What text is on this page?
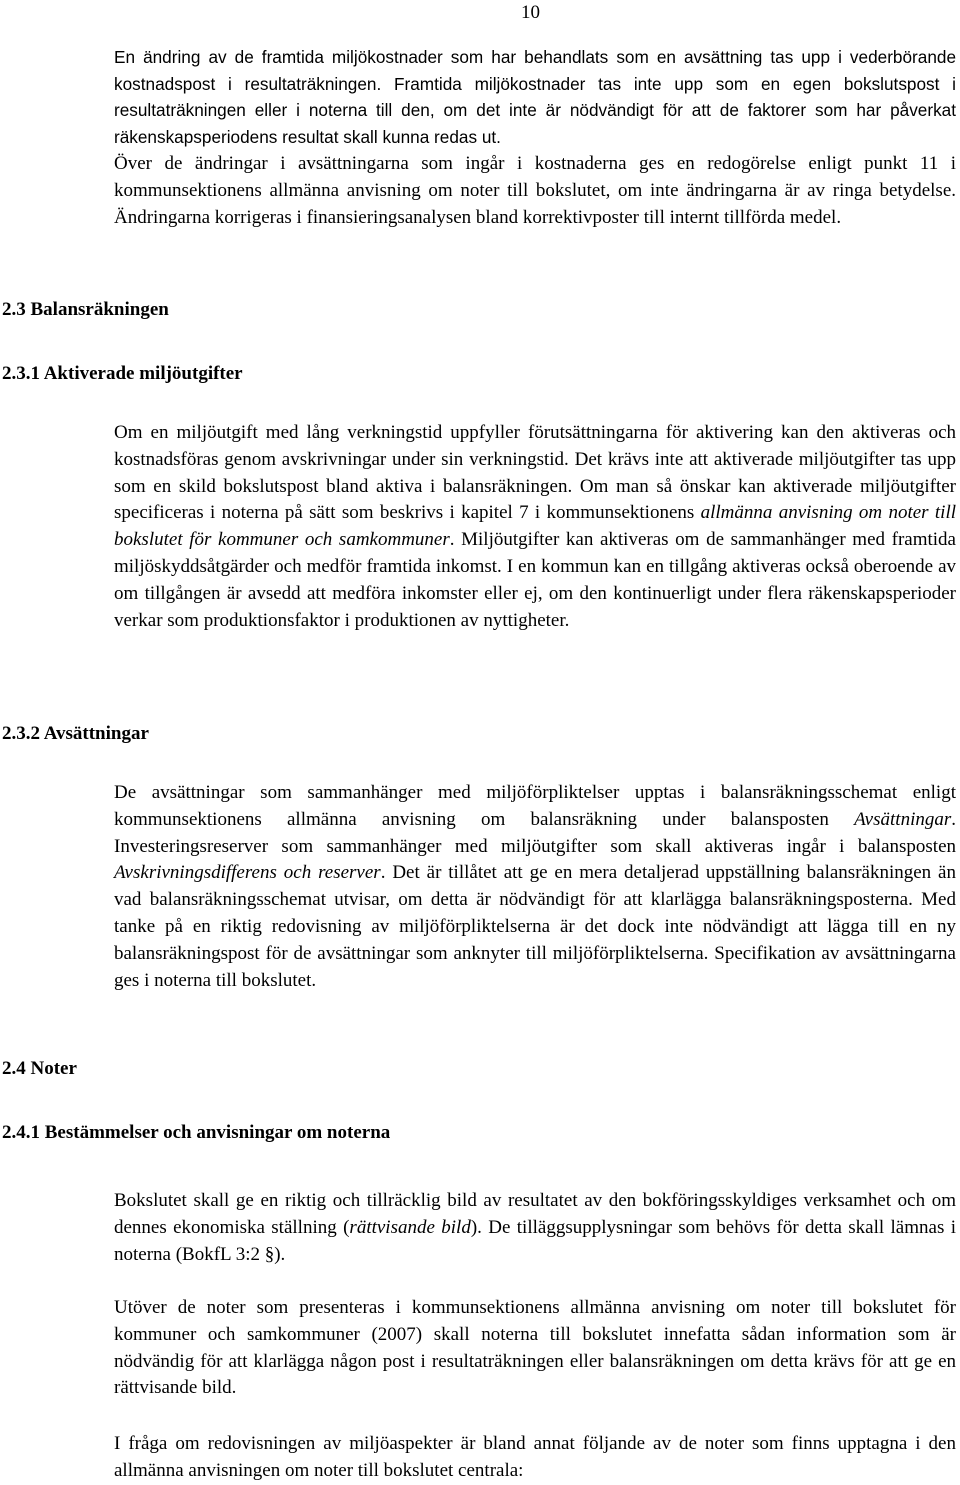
10
En ändring av de framtida miljökostnader som har behandlats som en avsättning tas upp i vederbörande kostnadspost i resultaträkningen. Framtida miljökostnader tas inte upp som en egen bokslutspost i resultaträkningen eller i noterna till den, om det inte är nödvändigt för att de faktorer som har påverkat räkenskapsperiodens resultat skall kunna redas ut.
Över de ändringar i avsättningarna som ingår i kostnaderna ges en redogörelse enligt punkt 11 i kommunsektionens allmänna anvisning om noter till bokslutet, om inte ändringarna är av ringa betydelse. Ändringarna korrigeras i finansieringsanalysen bland korrektivposter till internt tillförda medel.
2.3 Balansräkningen
2.3.1 Aktiverade miljöutgifter
Om en miljöutgift med lång verkningstid uppfyller förutsättningarna för aktivering kan den aktiveras och kostnadsföras genom avskrivningar under sin verkningstid. Det krävs inte att aktiverade miljöutgifter tas upp som en skild bokslutspost bland aktiva i balansräkningen. Om man så önskar kan aktiverade miljöutgifter specificeras i noterna på sätt som beskrivs i kapitel 7 i kommunsektionens allmänna anvisning om noter till bokslutet för kommuner och samkommuner. Miljöutgifter kan aktiveras om de sammanhänger med framtida miljöskyddsåtgärder och medför framtida inkomst. I en kommun kan en tillgång aktiveras också oberoende av om tillgången är avsedd att medföra inkomster eller ej, om den kontinuerligt under flera räkenskapsperioder verkar som produktionsfaktor i produktionen av nyttigheter.
2.3.2 Avsättningar
De avsättningar som sammanhänger med miljöförpliktelser upptas i balansräkningsschemat enligt kommunsektionens allmänna anvisning om balansräkning under balansposten Avsättningar. Investeringsreserver som sammanhänger med miljöutgifter som skall aktiveras ingår i balansposten Avskrivningsdifferens och reserver. Det är tillåtet att ge en mera detaljerad uppställning balansräkningen än vad balansräkningsschemat utvisar, om detta är nödvändigt för att klarlägga balansräkningsposterna. Med tanke på en riktig redovisning av miljöförpliktelserna är det dock inte nödvändigt att lägga till en ny balansräkningspost för de avsättningar som anknyter till miljöförpliktelserna. Specifikation av avsättningarna ges i noterna till bokslutet.
2.4 Noter
2.4.1 Bestämmelser och anvisningar om noterna
Bokslutet skall ge en riktig och tillräcklig bild av resultatet av den bokföringsskyldiges verksamhet och om dennes ekonomiska ställning (rättvisande bild). De tilläggsupplysningar som behövs för detta skall lämnas i noterna (BokfL 3:2 §).
Utöver de noter som presenteras i kommunsektionens allmänna anvisning om noter till bokslutet för kommuner och samkommuner (2007) skall noterna till bokslutet innefatta sådan information som är nödvändig för att klarlägga någon post i resultaträkningen eller balansräkningen om detta krävs för att ge en rättvisande bild.
I fråga om redovisningen av miljöaspekter är bland annat följande av de noter som finns upptagna i den allmänna anvisningen om noter till bokslutet centrala:
